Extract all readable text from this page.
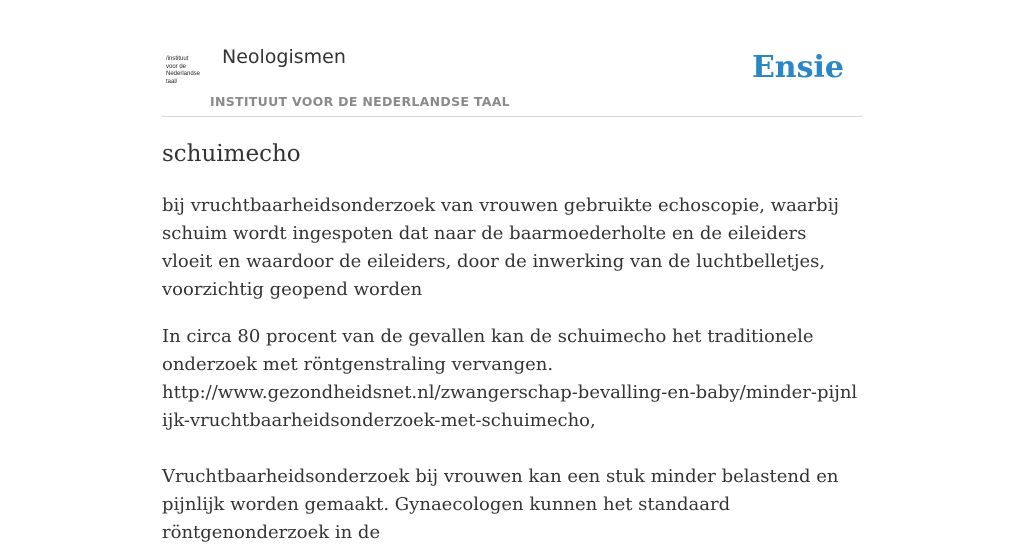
/instituut
voor de
Nederlandse
taal/
Neologismen
INSTITUUT VOOR DE NEDERLANDSE TAAL
Ensie
schuimecho

bij vruchtbaarheidsonderzoek van vrouwen gebruikte echoscopie, waarbij schuim wordt ingespoten dat naar de baarmoederholte en de eileiders vloeit en waardoor de eileiders, door de inwerking van de luchtbelletjes, voorzichtig geopend worden

In circa 80 procent van de gevallen kan de schuimecho het traditionele onderzoek met röntgenstraling vervangen.
http://www.gezondheidsnet.nl/zwangerschap-bevalling-en-baby/minder-pijnlijk-vruchtbaarheidsonderzoek-met-schuimecho,

Vruchtbaarheidsonderzoek bij vrouwen kan een stuk minder belastend en pijnlijk worden gemaakt. Gynaecologen kunnen het standaard röntgenonderzoek in de
